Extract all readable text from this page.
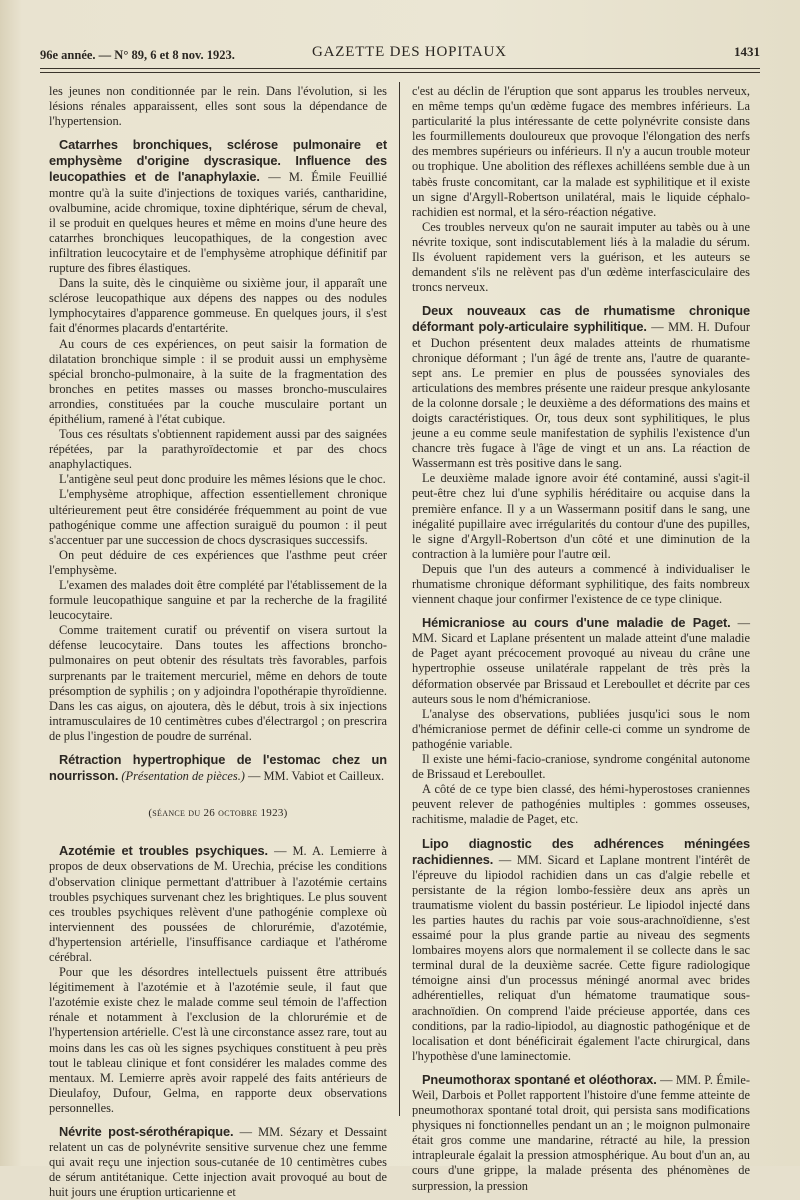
96e année. — N° 89, 6 et 8 nov. 1923.	GAZETTE DES HOPITAUX	1431

les jeunes non conditionnée par le rein. Dans l'évolution, si les lésions rénales apparaissent, elles sont sous la dépendance de l'hypertension.

Catarrhes bronchiques, sclérose pulmonaire et emphysème d'origine dyscrasique. Influence des leucopathies et de l'anaphylaxie. — M. Émile Feuillié montre qu'à la suite d'injections de toxiques variés, cantharidine, ovalbumine, acide chromique, toxine diphtérique, sérum de cheval, il se produit en quelques heures et même en moins d'une heure des catarrhes bronchiques leucopathiques, de la congestion avec infiltration leucocytaire et de l'emphysème atrophique définitif par rupture des fibres élastiques.

Dans la suite, dès le cinquième ou sixième jour, il apparaît une sclérose leucopathique aux dépens des nappes ou des nodules lymphocytaires d'apparence gommeuse. En quelques jours, il s'est fait d'énormes placards d'entartérite.

Au cours de ces expériences, on peut saisir la formation de dilatation bronchique simple : il se produit aussi un emphysème spécial broncho-pulmonaire, à la suite de la fragmentation des bronches en petites masses ou masses broncho-musculaires arrondies, constituées par la couche musculaire portant un épithélium, ramené à l'état cubique.

Tous ces résultats s'obtiennent rapidement aussi par des saignées répétées, par la parathyroïdectomie et par des chocs anaphylactiques.

L'antigène seul peut donc produire les mêmes lésions que le choc.

L'emphysème atrophique, affection essentiellement chronique ultérieurement peut être considérée fréquemment au point de vue pathogénique comme une affection suraiguë du poumon : il peut s'accentuer par une succession de chocs dyscrasiques successifs.

On peut déduire de ces expériences que l'asthme peut créer l'emphysème.

L'examen des malades doit être complété par l'établissement de la formule leucopathique sanguine et par la recherche de la fragilité leucocytaire.

Comme traitement curatif ou préventif on visera surtout la défense leucocytaire. Dans toutes les affections broncho-pulmonaires on peut obtenir des résultats très favorables, parfois surprenants par le traitement mercuriel, même en dehors de toute présomption de syphilis ; on y adjoindra l'opothérapie thyroïdienne. Dans les cas aigus, on ajoutera, dès le début, trois à six injections intramusculaires de 10 centimètres cubes d'électrargol ; on prescrira de plus l'ingestion de poudre de surrénal.

Rétraction hypertrophique de l'estomac chez un nourrisson. (Présentation de pièces.) — MM. Vabiot et Cailleux.

(séance du 26 octobre 1923)

Azotémie et troubles psychiques. — M. A. Lemierre à propos de deux observations de M. Urechia, précise les conditions d'observation clinique permettant d'attribuer à l'azotémie certains troubles psychiques survenant chez les brightiques. Le plus souvent ces troubles psychiques relèvent d'une pathogénie complexe où interviennent des poussées de chlorurémie, d'azotémie, d'hypertension artérielle, l'insuffisance cardiaque et l'athérome cérébral.

Pour que les désordres intellectuels puissent être attribués légitimement à l'azotémie et à l'azotémie seule, il faut que l'azotémie existe chez le malade comme seul témoin de l'affection rénale et notamment à l'exclusion de la chlorurémie et de l'hypertension artérielle. C'est là une circonstance assez rare, tout au moins dans les cas où les signes psychiques constituent à peu près tout le tableau clinique et font considérer les malades comme des mentaux. M. Lemierre après avoir rappelé des faits antérieurs de Dieulafoy, Dufour, Gelma, en rapporte deux observations personnelles.

Névrite post-sérothérapique. — MM. Sézary et Dessaint relatent un cas de polynévrite sensitive survenue chez une femme qui avait reçu une injection sous-cutanée de 10 centimètres cubes de sérum antitétanique. Cette injection avait provoqué au bout de huit jours une éruption urticarienne et

c'est au déclin de l'éruption que sont apparus les troubles nerveux, en même temps qu'un œdème fugace des membres inférieurs. La particularité la plus intéressante de cette polynévrite consiste dans les fourmillements douloureux que provoque l'élongation des nerfs des membres supérieurs ou inférieurs. Il n'y a aucun trouble moteur ou trophique. Une abolition des réflexes achilléens semble due à un tabès fruste concomitant, car la malade est syphilitique et il existe un signe d'Argyll-Robertson unilatéral, mais le liquide céphalo-rachidien est normal, et la séro-réaction négative.

Ces troubles nerveux qu'on ne saurait imputer au tabès ou à une névrite toxique, sont indiscutablement liés à la maladie du sérum. Ils évoluent rapidement vers la guérison, et les auteurs se demandent s'ils ne relèvent pas d'un œdème interfasciculaire des troncs nerveux.

Deux nouveaux cas de rhumatisme chronique déformant poly-articulaire syphilitique. — MM. H. Dufour et Duchon présentent deux malades atteints de rhumatisme chronique déformant ; l'un âgé de trente ans, l'autre de quarante-sept ans. Le premier en plus de poussées synoviales des articulations des membres présente une raideur presque ankylosante de la colonne dorsale ; le deuxième a des déformations des mains et doigts caractéristiques. Or, tous deux sont syphilitiques, le plus jeune a eu comme seule manifestation de syphilis l'existence d'un chancre très fugace à l'âge de vingt et un ans. La réaction de Wassermann est très positive dans le sang.

Le deuxième malade ignore avoir été contaminé, aussi s'agit-il peut-être chez lui d'une syphilis héréditaire ou acquise dans la première enfance. Il y a un Wassermann positif dans le sang, une inégalité pupillaire avec irrégularités du contour d'une des pupilles, le signe d'Argyll-Robertson d'un côté et une diminution de la contraction à la lumière pour l'autre œil.

Depuis que l'un des auteurs a commencé à individualiser le rhumatisme chronique déformant syphilitique, des faits nombreux viennent chaque jour confirmer l'existence de ce type clinique.

Hémicraniose au cours d'une maladie de Paget. — MM. Sicard et Laplane présentent un malade atteint d'une maladie de Paget ayant précocement provoqué au niveau du crâne une hypertrophie osseuse unilatérale rappelant de très près la déformation observée par Brissaud et Lereboullet et décrite par ces auteurs sous le nom d'hémicraniose.

L'analyse des observations, publiées jusqu'ici sous le nom d'hémicraniose permet de définir celle-ci comme un syndrome de pathogénie variable.

Il existe une hémi-facio-craniose, syndrome congénital autonome de Brissaud et Lereboullet.

A côté de ce type bien classé, des hémi-hyperostoses craniennes peuvent relever de pathogénies multiples : gommes osseuses, rachitisme, maladie de Paget, etc.

Lipo diagnostic des adhérences méningées rachidiennes. — MM. Sicard et Laplane montrent l'intérêt de l'épreuve du lipiodol rachidien dans un cas d'algie rebelle et persistante de la région lombo-fessière deux ans après un traumatisme violent du bassin postérieur. Le lipiodol injecté dans les parties hautes du rachis par voie sous-arachnoïdienne, s'est essaimé pour la plus grande partie au niveau des segments lombaires moyens alors que normalement il se collecte dans le sac terminal dural de la deuxième sacrée. Cette figure radiologique témoigne ainsi d'un processus méningé anormal avec brides adhérentielles, reliquat d'un hématome traumatique sous-arachnoïdien. On comprend l'aide précieuse apportée, dans ces conditions, par la radio-lipiodol, au diagnostic pathogénique et de localisation et dont bénéficirait également l'acte chirurgical, dans l'hypothèse d'une laminectomie.

Pneumothorax spontané et oléothorax. — MM. P. Émile-Weil, Darbois et Pollet rapportent l'histoire d'une femme atteinte de pneumothorax spontané total droit, qui persista sans modifications physiques ni fonctionnelles pendant un an ; le moignon pulmonaire était gros comme une mandarine, rétracté au hile, la pression intrapleurale égalait la pression atmosphérique. Au bout d'un an, au cours d'une grippe, la malade présenta des phénomènes de surpression, la pression
